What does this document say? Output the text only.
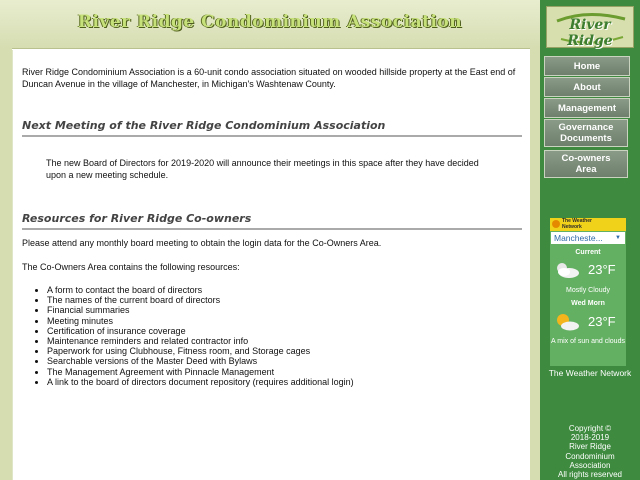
River Ridge Condominium Association

River Ridge Condominium Association is a 60-unit condo association situated on wooded hillside property at the East end of Duncan Avenue in the village of Manchester, in Michigan's Washtenaw County.

Next Meeting of the River Ridge Condominium Association

The new Board of Directors for 2019-2020 will announce their meetings in this space after they have decided upon a new meeting schedule.

Resources for River Ridge Co-owners

Please attend any monthly board meeting to obtain the login data for the Co-Owners Area.

The Co-Owners Area contains the following resources:

• A form to contact the board of directors
• The names of the current board of directors
• Financial summaries
• Meeting minutes
• Certification of insurance coverage
• Maintenance reminders and related contractor info
• Paperwork for using Clubhouse, Fitness room, and Storage cages
• Searchable versions of the Master Deed with Bylaws
• The Management Agreement with Pinnacle Management
• A link to the board of directors document repository (requires additional login)
River Ridge
Home
About
Management
Governance Documents
Co-owners Area
The Weather
Network
Mancheste... ▼
Current
23°F
Mostly Cloudy
Wed Morn
23°F
A mix of sun and clouds
The Weather Network
Copyright ©
2018-2019
River Ridge
Condominium
Association
All rights reserved
